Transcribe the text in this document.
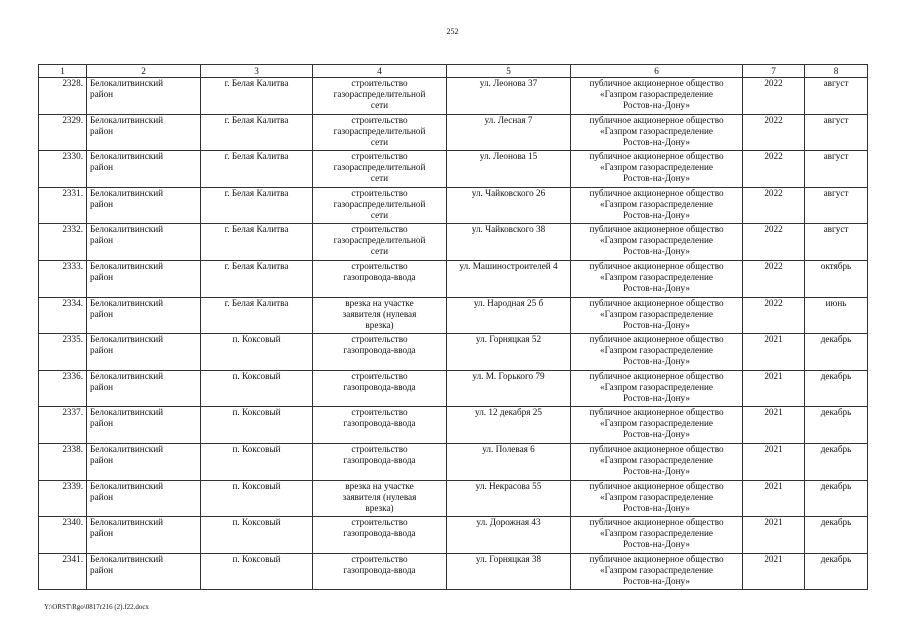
252
1	2	3	4	5	6	7	8
2328.	Белокалитвинский
район	г. Белая Калитва	строительство
газораспределительной
сети	ул. Леонова 37	публичное акционерное общество
«Газпром газораспределение
Ростов-на-Дону»	2022	август
2329.	Белокалитвинский
район	г. Белая Калитва	строительство
газораспределительной
сети	ул. Лесная 7	публичное акционерное общество
«Газпром газораспределение
Ростов-на-Дону»	2022	август
2330.	Белокалитвинский
район	г. Белая Калитва	строительство
газораспределительной
сети	ул. Леонова 15	публичное акционерное общество
«Газпром газораспределение
Ростов-на-Дону»	2022	август
2331.	Белокалитвинский
район	г. Белая Калитва	строительство
газораспределительной
сети	ул. Чайковского 26	публичное акционерное общество
«Газпром газораспределение
Ростов-на-Дону»	2022	август
2332.	Белокалитвинский
район	г. Белая Калитва	строительство
газораспределительной
сети	ул. Чайковского 38	публичное акционерное общество
«Газпром газораспределение
Ростов-на-Дону»	2022	август
2333.	Белокалитвинский
район	г. Белая Калитва	строительство
газопровода-ввода	ул. Машиностроителей 4	публичное акционерное общество
«Газпром газораспределение
Ростов-на-Дону»	2022	октябрь
2334.	Белокалитвинский
район	г. Белая Калитва	врезка на участке
заявителя (нулевая
врезка)	ул. Народная 25 б	публичное акционерное общество
«Газпром газораспределение
Ростов-на-Дону»	2022	июнь
2335.	Белокалитвинский
район	п. Коксовый	строительство
газопровода-ввода	ул. Горняцкая 52	публичное акционерное общество
«Газпром газораспределение
Ростов-на-Дону»	2021	декабрь
2336.	Белокалитвинский
район	п. Коксовый	строительство
газопровода-ввода	ул. М. Горького 79	публичное акционерное общество
«Газпром газораспределение
Ростов-на-Дону»	2021	декабрь
2337.	Белокалитвинский
район	п. Коксовый	строительство
газопровода-ввода	ул. 12 декабря 25	публичное акционерное общество
«Газпром газораспределение
Ростов-на-Дону»	2021	декабрь
2338.	Белокалитвинский
район	п. Коксовый	строительство
газопровода-ввода	ул. Полевая 6	публичное акционерное общество
«Газпром газораспределение
Ростов-на-Дону»	2021	декабрь
2339.	Белокалитвинский
район	п. Коксовый	врезка на участке
заявителя (нулевая
врезка)	ул. Некрасова 55	публичное акционерное общество
«Газпром газораспределение
Ростов-на-Дону»	2021	декабрь
2340.	Белокалитвинский
район	п. Коксовый	строительство
газопровода-ввода	ул. Дорожная 43	публичное акционерное общество
«Газпром газораспределение
Ростов-на-Дону»	2021	декабрь
2341.	Белокалитвинский
район	п. Коксовый	строительство
газопровода-ввода	ул. Горняцкая 38	публичное акционерное общество
«Газпром газораспределение
Ростов-на-Дону»	2021	декабрь
Y:\ORST\Rgo\0817r216 (2).f22.docx
